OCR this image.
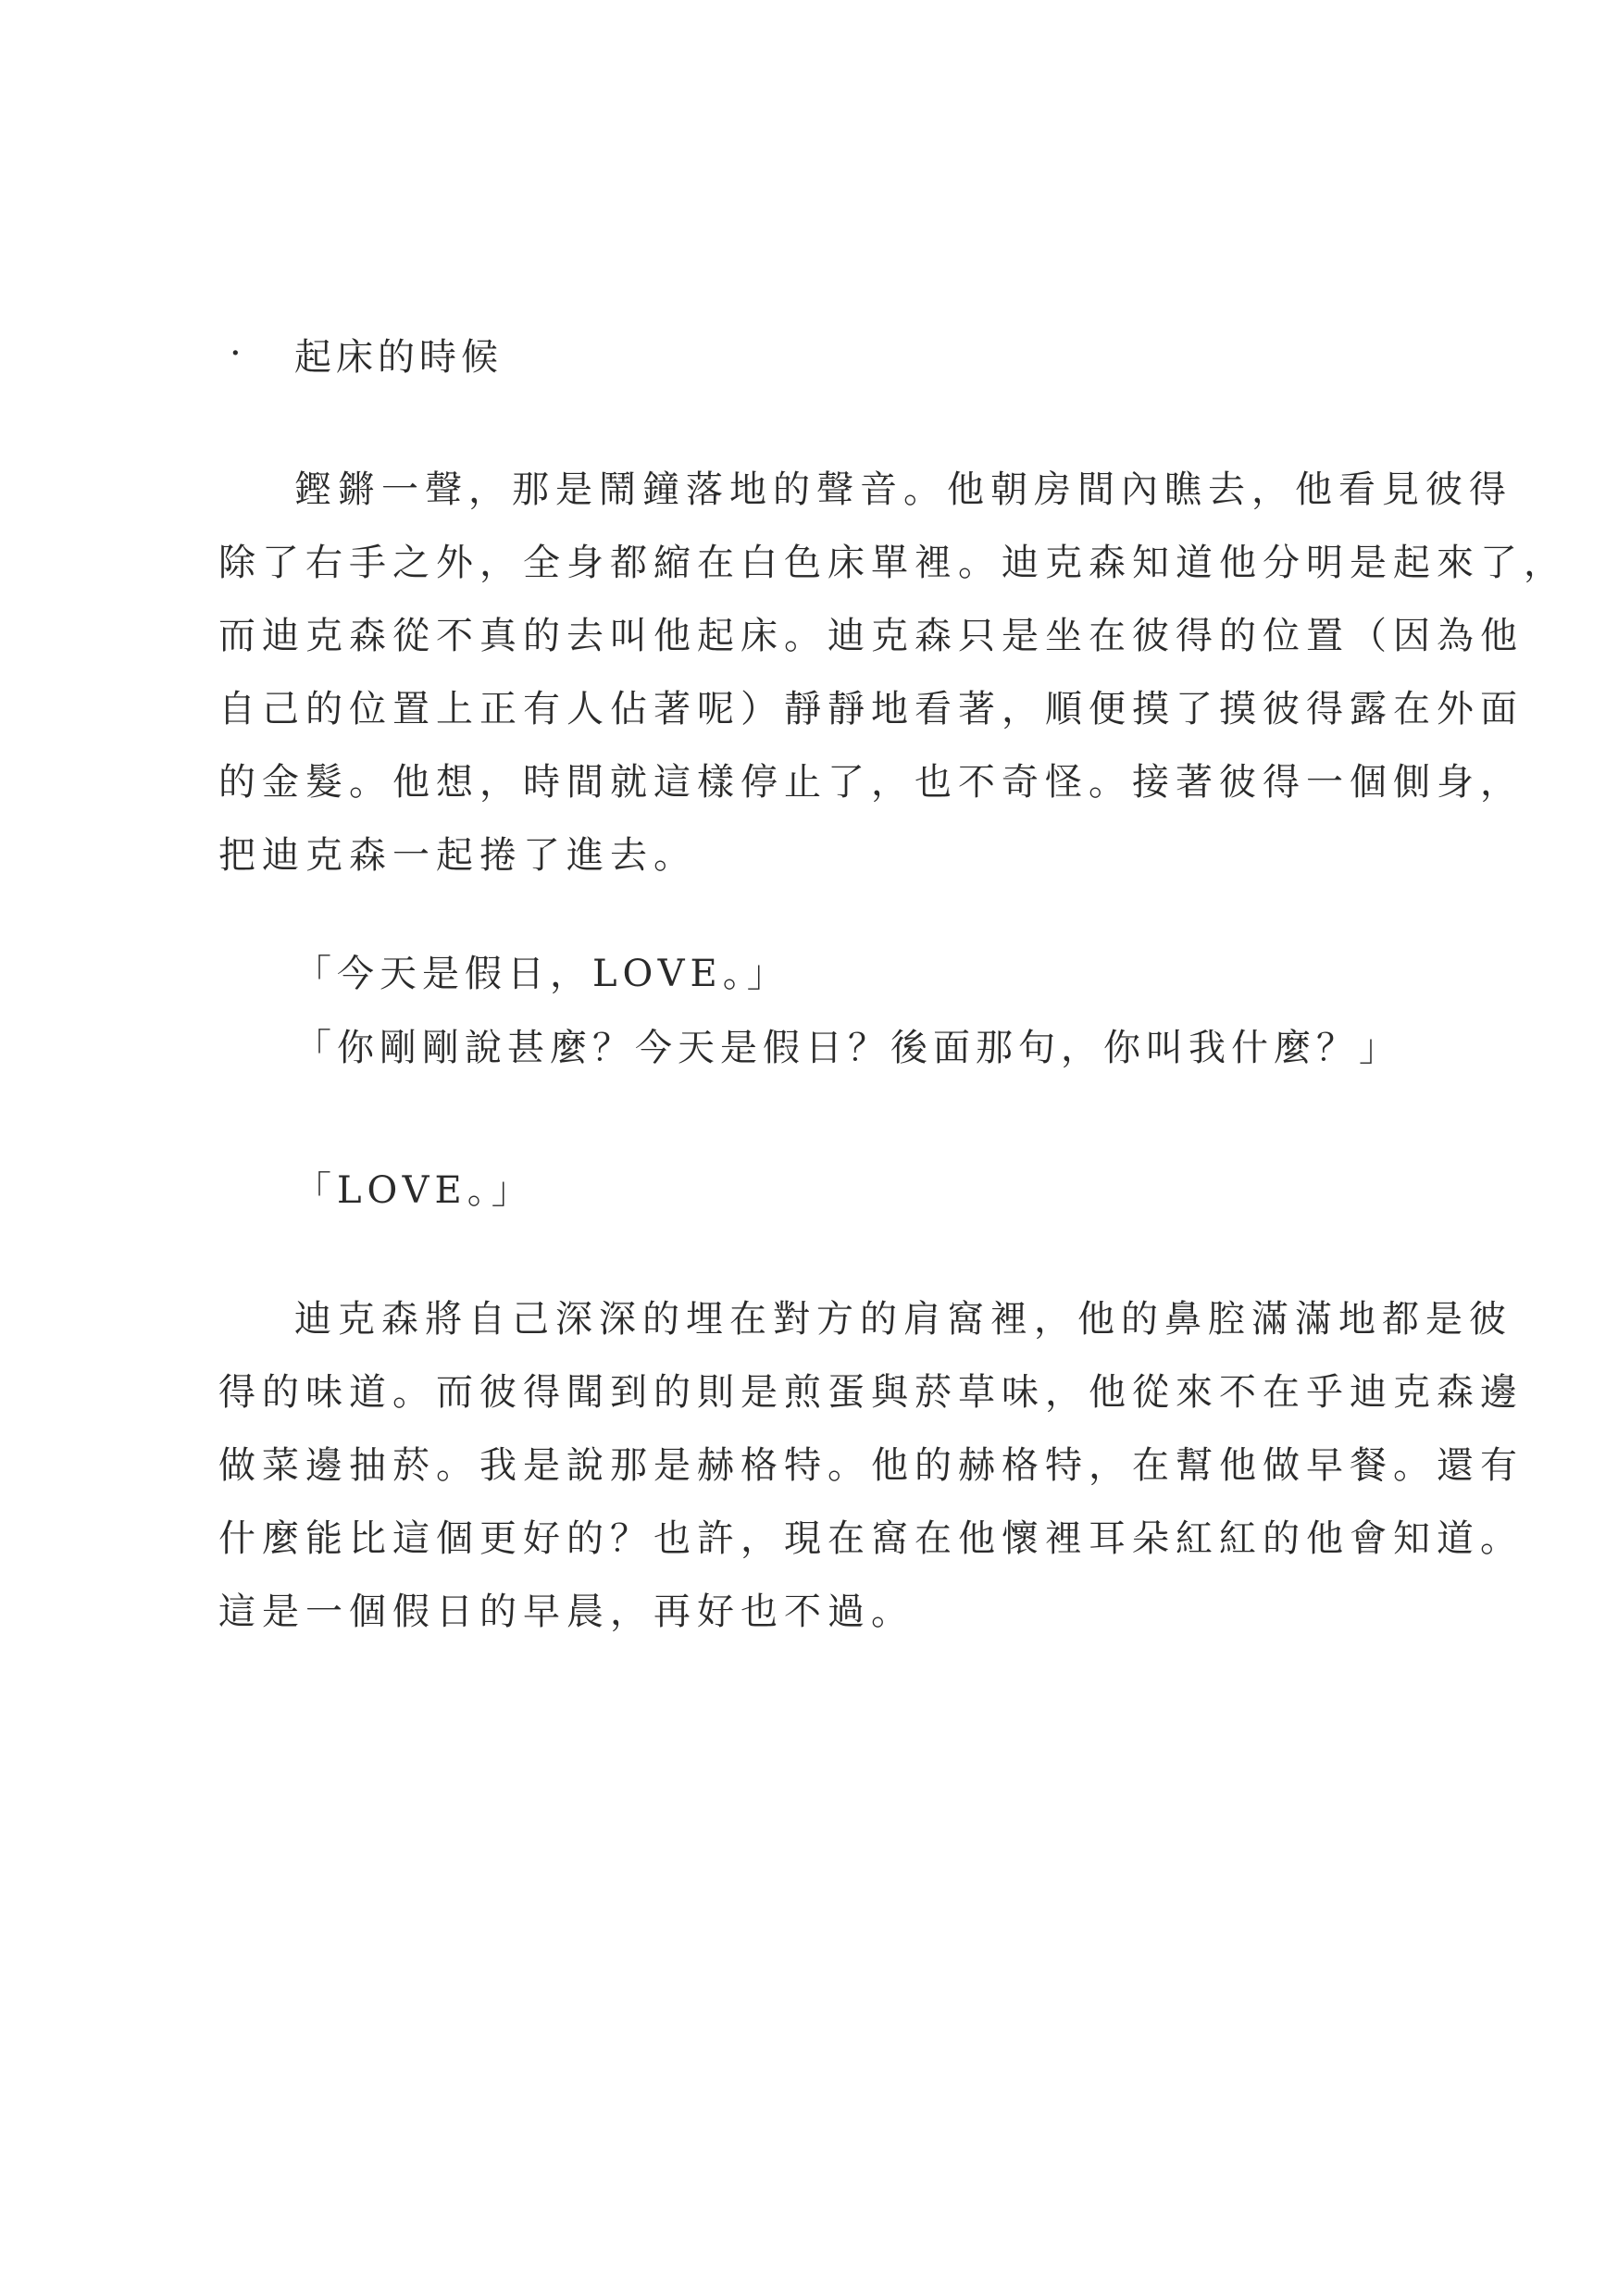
·	起床的時候
鏗鏘一聲，那是鬧鐘落地的聲音。他朝房間內瞧去，他看見彼得
除了右手之外，全身都縮在白色床單裡。迪克森知道他分明是起來了，
而迪克森從不真的去叫他起床。迪克森只是坐在彼得的位置（因為他
自己的位置上正有人佔著呢）靜靜地看著，順便摸了摸彼得露在外面
的金髮。他想，時間就這樣停止了，也不奇怪。接著彼得一個側身，
把迪克森一起捲了進去。

「今天是假日，LOVE。」

「你剛剛說甚麼？今天是假日？後面那句，你叫我什麼？」

「LOVE。」

迪克森將自己深深的埋在對方的肩窩裡，他的鼻腔滿滿地都是彼
得的味道。而彼得聞到的則是煎蛋與菸草味，他從來不在乎迪克森邊
做菜邊抽菸。我是說那是赫格特。他的赫格特，在幫他做早餐。還有
什麼能比這個更好的？也許，現在窩在他懷裡耳朵紅紅的他會知道。
這是一個假日的早晨，再好也不過。
